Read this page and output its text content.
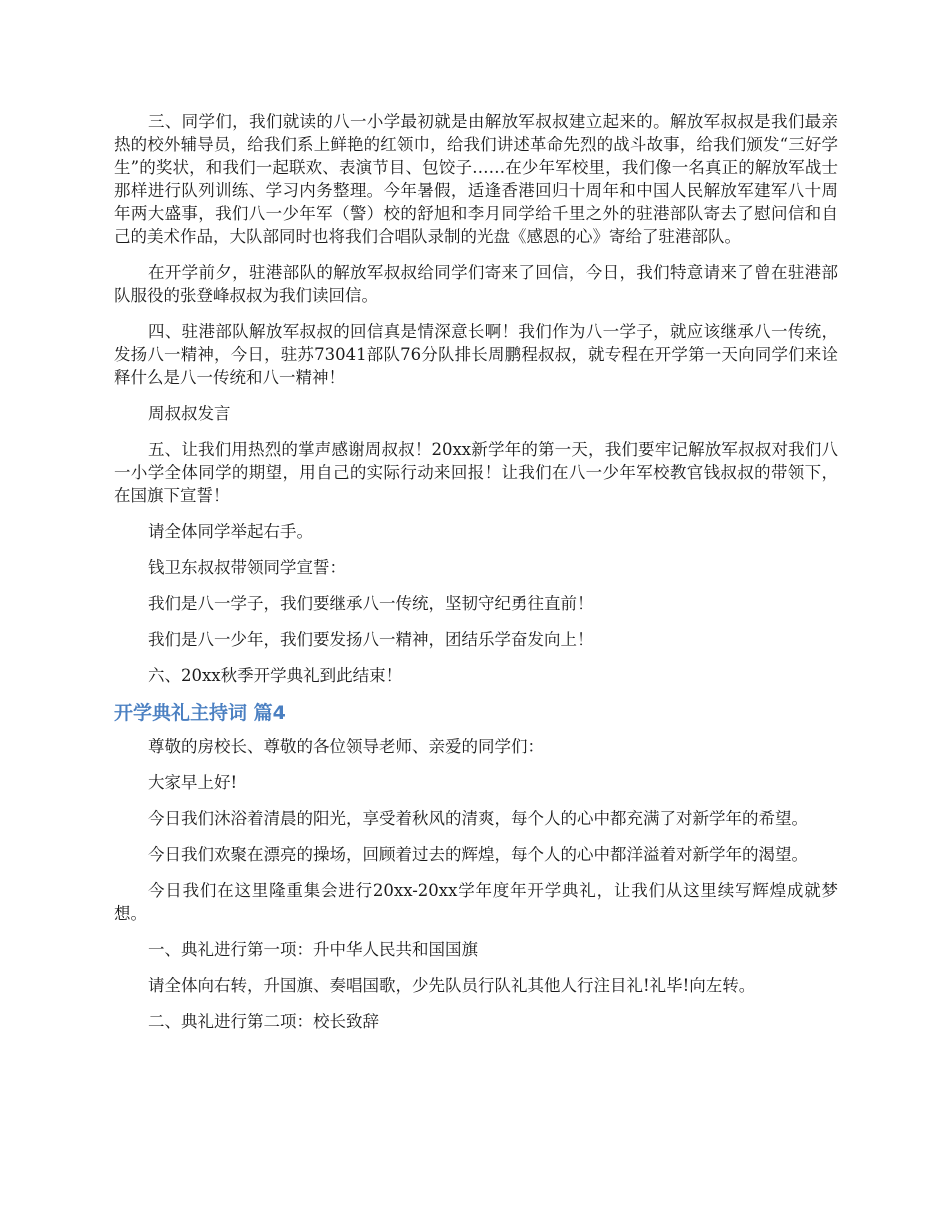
三、同学们，我们就读的八一小学最初就是由解放军叔叔建立起来的。解放军叔叔是我们最亲热的校外辅导员，给我们系上鲜艳的红领巾，给我们讲述革命先烈的战斗故事，给我们颁发“三好学生”的奖状，和我们一起联欢、表演节目、包饺子……在少年军校里，我们像一名真正的解放军战士那样进行队列训练、学习内务整理。今年暑假，适逢香港回归十周年和中国人民解放军建军八十周年两大盛事，我们八一少年军（警）校的舒旭和李月同学给千里之外的驻港部队寄去了慰问信和自己的美术作品，大队部同时也将我们合唱队录制的光盘《感恩的心》寄给了驻港部队。

在开学前夕，驻港部队的解放军叔叔给同学们寄来了回信，今日，我们特意请来了曾在驻港部队服役的张登峰叔叔为我们读回信。

四、驻港部队解放军叔叔的回信真是情深意长啊！我们作为八一学子，就应该继承八一传统，发扬八一精神，今日，驻苏73041部队76分队排长周鹏程叔叔，就专程在开学第一天向同学们来诠释什么是八一传统和八一精神！

周叔叔发言

五、让我们用热烈的掌声感谢周叔叔！20xx新学年的第一天，我们要牢记解放军叔叔对我们八一小学全体同学的期望，用自己的实际行动来回报！让我们在八一少年军校教官钱叔叔的带领下，在国旗下宣誓！

请全体同学举起右手。

钱卫东叔叔带领同学宣誓：

我们是八一学子，我们要继承八一传统，坚韧守纪勇往直前！

我们是八一少年，我们要发扬八一精神，团结乐学奋发向上！

六、20xx秋季开学典礼到此结束！

开学典礼主持词 篇4

尊敬的房校长、尊敬的各位领导老师、亲爱的同学们：

大家早上好!

今日我们沐浴着清晨的阳光，享受着秋风的清爽，每个人的心中都充满了对新学年的希望。

今日我们欢聚在漂亮的操场，回顾着过去的辉煌，每个人的心中都洋溢着对新学年的渴望。

今日我们在这里隆重集会进行20xx-20xx学年度年开学典礼，让我们从这里续写辉煌成就梦想。

一、典礼进行第一项：升中华人民共和国国旗

请全体向右转，升国旗、奏唱国歌，少先队员行队礼其他人行注目礼!礼毕!向左转。

二、典礼进行第二项：校长致辞
